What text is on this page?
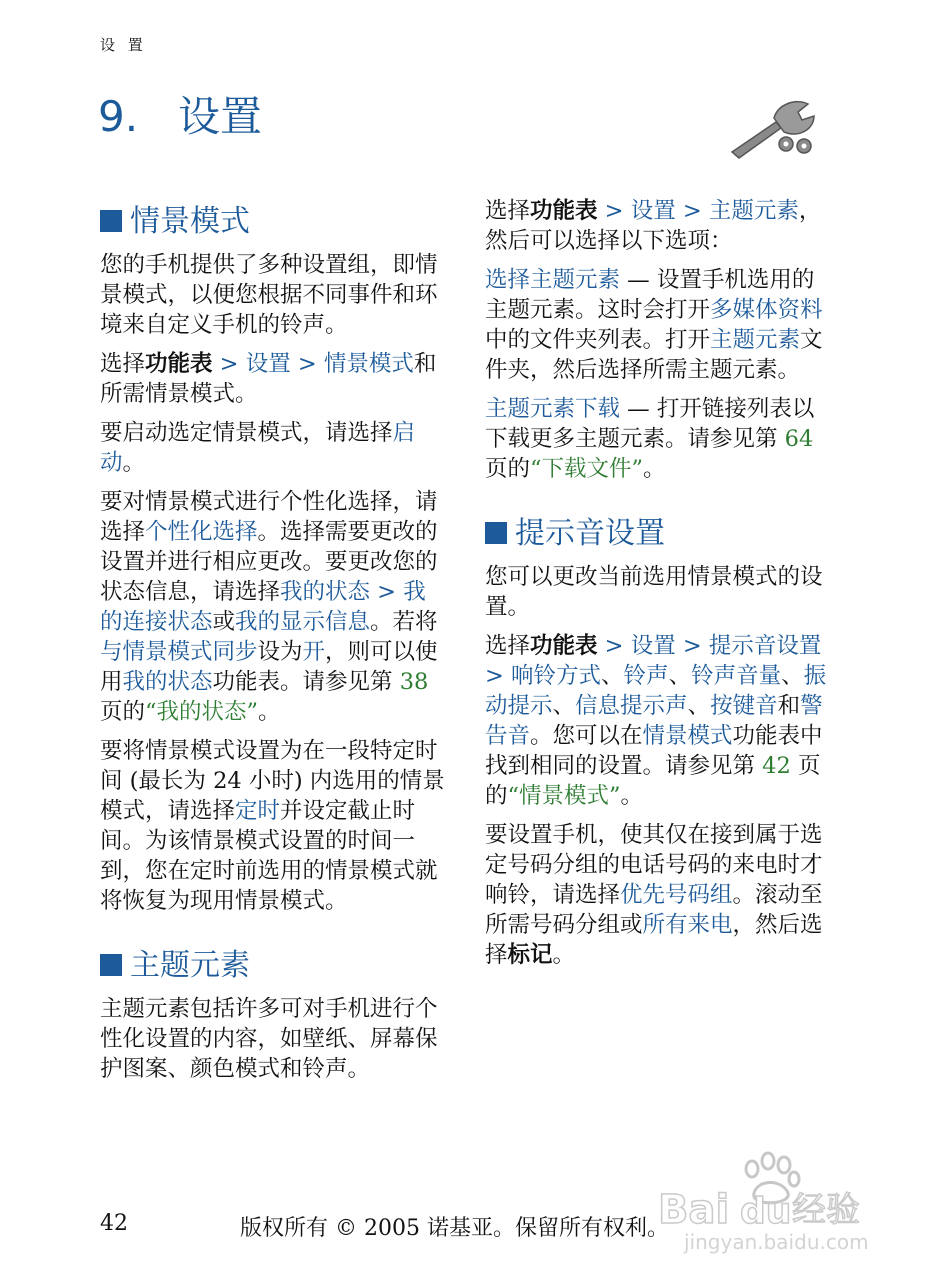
设 置
9. 设置
情景模式

您的手机提供了多种设置组，即情景模式，以便您根据不同事件和环境来自定义手机的铃声。

选择功能表 > 设置 > 情景模式和所需情景模式。

要启动选定情景模式，请选择启动。

要对情景模式进行个性化选择，请选择个性化选择。选择需要更改的设置并进行相应更改。要更改您的状态信息，请选择我的状态 > 我的连接状态或我的显示信息。若将与情景模式同步设为开，则可以使用我的状态功能表。请参见第 38 页的“我的状态”。

要将情景模式设置为在一段特定时间 (最长为 24 小时) 内选用的情景模式，请选择定时并设定截止时间。为该情景模式设置的时间一到，您在定时前选用的情景模式就将恢复为现用情景模式。

主题元素

主题元素包括许多可对手机进行个性化设置的内容，如壁纸、屏幕保护图案、颜色模式和铃声。

选择功能表 > 设置 > 主题元素，然后可以选择以下选项：

选择主题元素 — 设置手机选用的主题元素。这时会打开多媒体资料中的文件夹列表。打开主题元素文件夹，然后选择所需主题元素。

主题元素下载 — 打开链接列表以下载更多主题元素。请参见第 64 页的“下载文件”。

提示音设置

您可以更改当前选用情景模式的设置。

选择功能表 > 设置 > 提示音设置 > 响铃方式、铃声、铃声音量、振动提示、信息提示声、按键音和警告音。您可以在情景模式功能表中找到相同的设置。请参见第 42 页的“情景模式”。

要设置手机，使其仅在接到属于选定号码分组的电话号码的来电时才响铃，请选择优先号码组。滚动至所需号码分组或所有来电，然后选择标记。

42	版权所有 © 2005 诺基亚。保留所有权利。
Bai du 经验
jingyan.baidu.com
